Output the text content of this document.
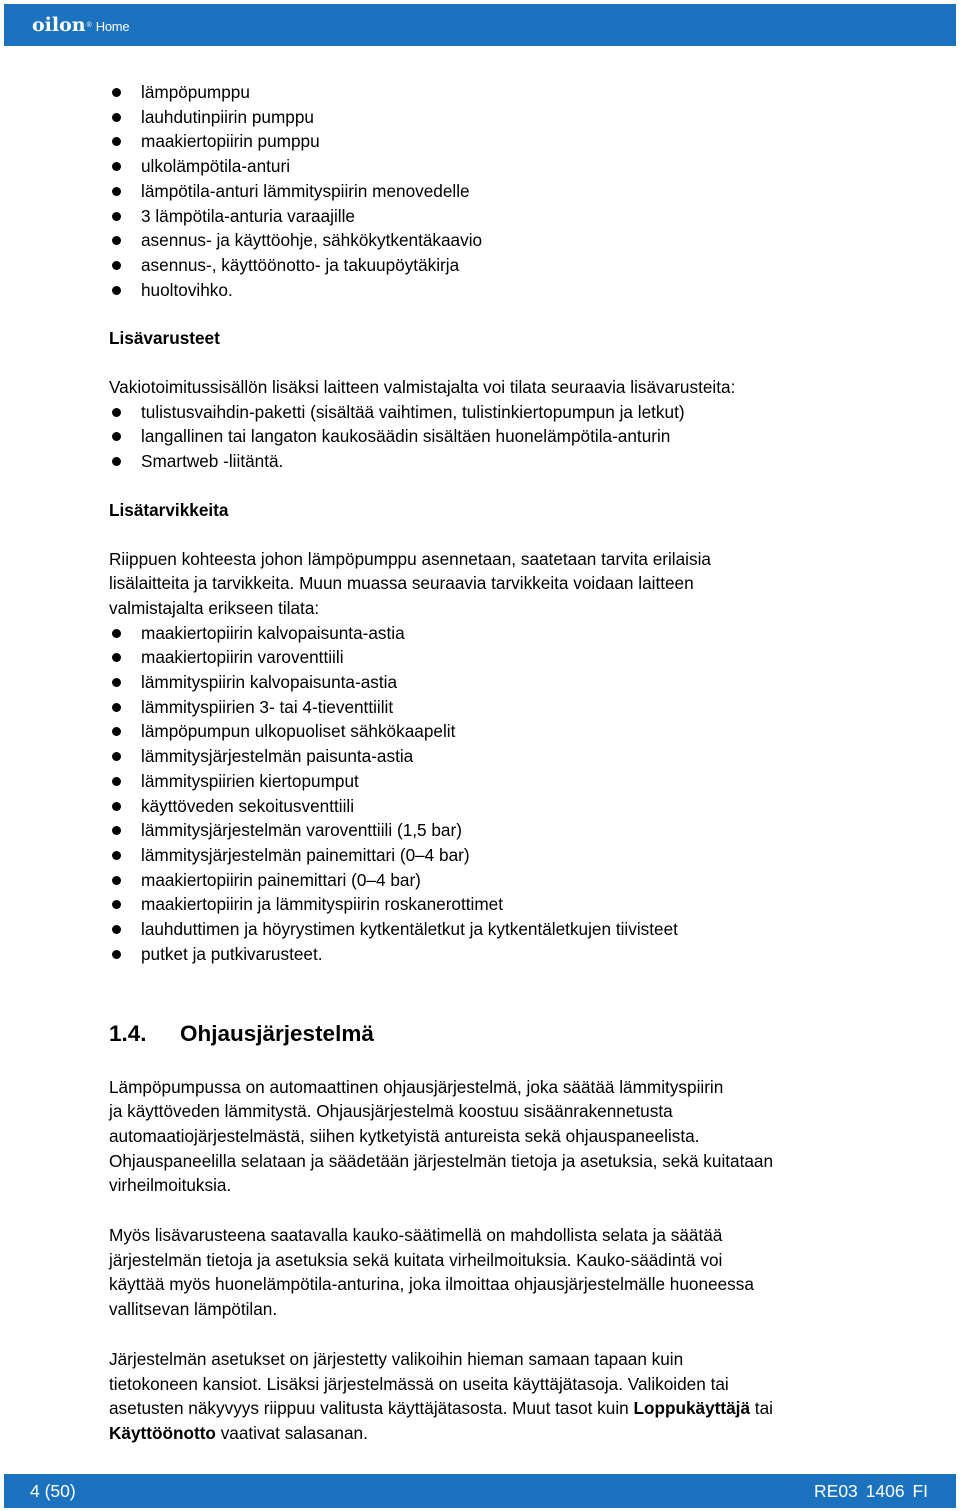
oilon ® Home
lämpöpumppu
lauhdutinpiirin pumppu
maakiertopiirin pumppu
ulkolämpötila-anturi
lämpötila-anturi lämmityspiirin menovedelle
3 lämpötila-anturia varaajille
asennus- ja käyttöohje, sähkökytkentäkaavio
asennus-, käyttöönotto- ja takuupöytäkirja
huoltovihko.

Lisävarusteet

Vakiotoimitussisällön lisäksi laitteen valmistajalta voi tilata seuraavia lisävarusteita:

tulistusvaihdin-paketti (sisältää vaihtimen, tulistinkiertopumpun ja letkut)
langallinen tai langaton kaukosäädin sisältäen huonelämpötila-anturin
Smartweb -liitäntä.

Lisätarvikkeita

Riippuen kohteesta johon lämpöpumppu asennetaan, saatetaan tarvita erilaisia
lisälaitteita ja tarvikkeita. Muun muassa seuraavia tarvikkeita voidaan laitteen
valmistajalta erikseen tilata:

maakiertopiirin kalvopaisunta-astia
maakiertopiirin varoventtiili
lämmityspiirin kalvopaisunta-astia
lämmityspiirien 3- tai 4-tieventtiilit
lämpöpumpun ulkopuoliset sähkökaapelit
lämmitysjärjestelmän paisunta-astia
lämmityspiirien kiertopumput
käyttöveden sekoitusventtiili
lämmitysjärjestelmän varoventtiili (1,5 bar)
lämmitysjärjestelmän painemittari (0–4 bar)
maakiertopiirin painemittari (0–4 bar)
maakiertopiirin ja lämmityspiirin roskanerottimet
lauhduttimen ja höyrystimen kytkentäletkut ja kytkentäletkujen tiivisteet
putket ja putkivarusteet.
1.4.	Ohjausjärjestelmä

Lämpöpumpussa on automaattinen ohjausjärjestelmä, joka säätää lämmityspiirin
ja käyttöveden lämmitystä. Ohjausjärjestelmä koostuu sisäänrakennetusta
automaatiojärjestelmästä, siihen kytketyistä antureista sekä ohjauspaneelista.
Ohjauspaneelilla selataan ja säädetään järjestelmän tietoja ja asetuksia, sekä kuitataan
virheilmoituksia.

Myös lisävarusteena saatavalla kauko-säätimellä on mahdollista selata ja säätää
järjestelmän tietoja ja asetuksia sekä kuitata virheilmoituksia. Kauko-säädintä voi
käyttää myös huonelämpötila-anturina, joka ilmoittaa ohjausjärjestelmälle huoneessa
vallitsevan lämpötilan.

Järjestelmän asetukset on järjestetty valikoihin hieman samaan tapaan kuin
tietokoneen kansiot. Lisäksi järjestelmässä on useita käyttäjätasoja. Valikoiden tai
asetusten näkyvyys riippuu valitusta käyttäjätasosta. Muut tasot kuin Loppukäyttäjä tai
Käyttöönotto vaativat salasanan.

4 (50)	RE03 1406 FI
